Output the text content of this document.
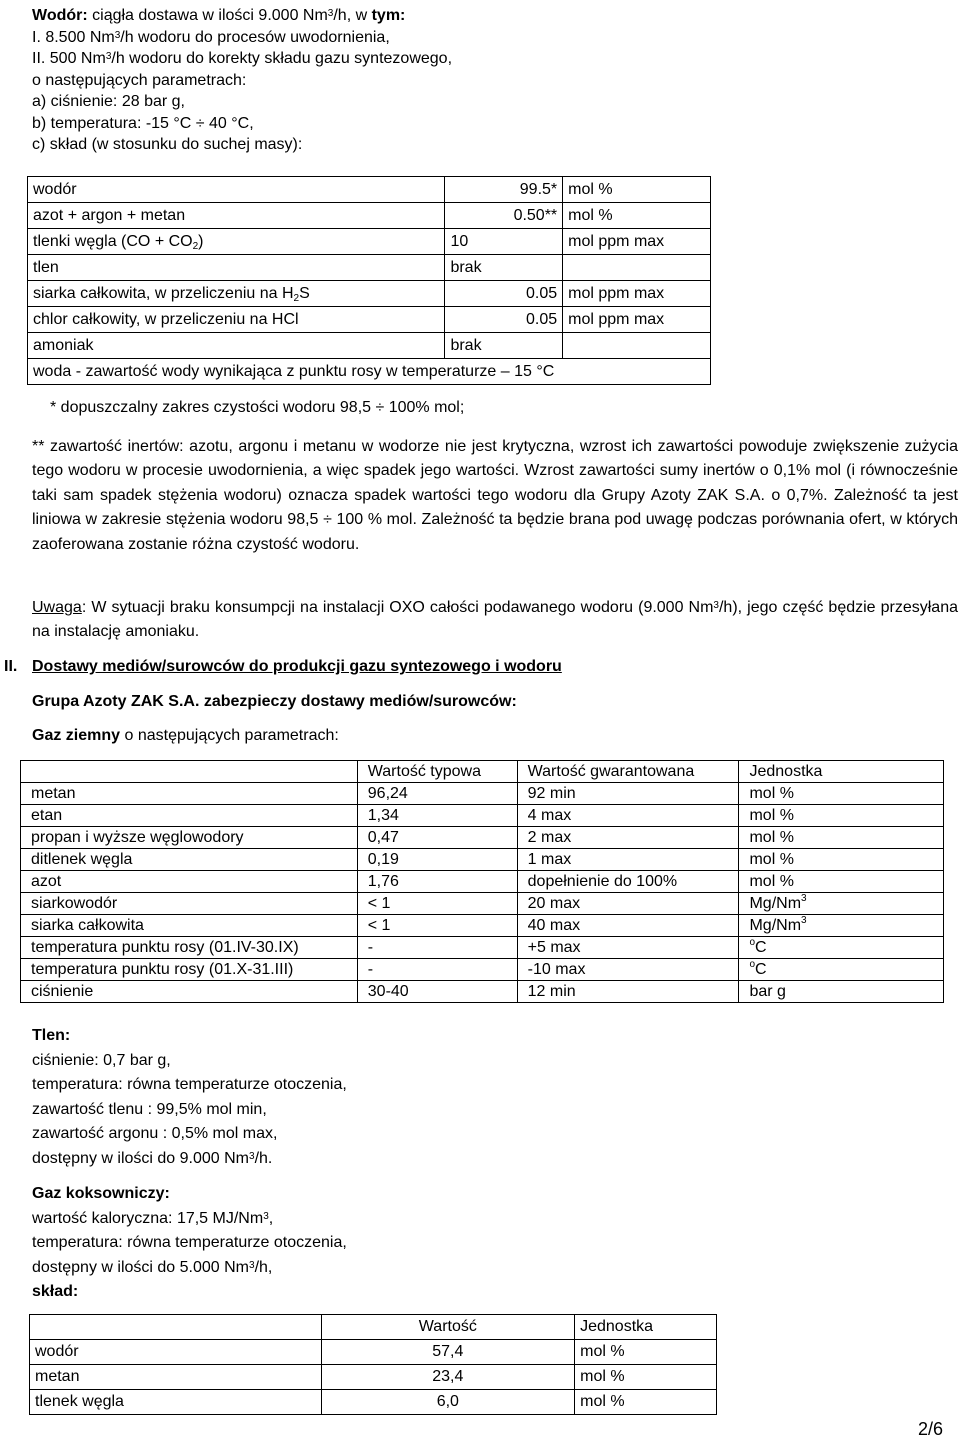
Wodór: ciągła dostawa w ilości 9.000 Nm$^3$/h, w tym:
I. 8.500 Nm$^3$/h wodoru do procesów uwodornienia,
II. 500 Nm$^3$/h wodoru do korekty składu gazu syntezowego,
o następujących parametrach:
a) ciśnienie: 28 bar g,
b) temperatura: -15 °C ÷ 40 °C,
c) skład (w stosunku do suchej masy):
wodór	99.5*	mol %
azot + argon + metan	0.50**	mol %
tlenki węgla $(CO + CO_2)$	10	mol ppm max
tlen	brak	
siarka całkowita, w przeliczeniu na $H_2S$	0.05	mol ppm max
chlor całkowity, w przeliczeniu na HCl	0.05	mol ppm max
amoniak	brak	
woda - zawartość wody wynikająca z punktu rosy w temperaturze – 15 °C		
* dopuszczalny zakres czystości wodoru 98,5 ÷ 100% mol;
** zawartość inertów: azotu, argonu i metanu w wodorze nie jest krytyczna, wzrost ich zawartości powoduje zwiększenie zużycia tego wodoru w procesie uwodornienia, a więc spadek jego wartości. Wzrost zawartości sumy inertów o 0,1% mol (i równocześnie taki sam spadek stężenia wodoru) oznacza spadek wartości tego wodoru dla Grupy Azoty ZAK S.A. o 0,7%. Zależność ta jest liniowa w zakresie stężenia wodoru 98,5 ÷ 100 % mol. Zależność ta będzie brana pod uwagę podczas porównania ofert, w których zaoferowana zostanie różna czystość wodoru.
Uwaga: W sytuacji braku konsumpcji na instalacji OXO całości podawanego wodoru (9.000 Nm$^3$/h), jego część będzie przesyłana na instalację amoniaku.
II. Dostawy mediów/surowców do produkcji gazu syntezowego i wodoru
Grupa Azoty ZAK S.A. zabezpieczy dostawy mediów/surowców:
Gaz ziemny o następujących parametrach:
	Wartość typowa	Wartość gwarantowana	Jednostka
metan	96,24	92 min	mol %
etan	1,34	4 max	mol %
propan i wyższe węglowodory	0,47	2 max	mol %
ditlenek węgla	0,19	1 max	mol %
azot	1,76	dopełnienie do 100%	mol %
siarkowodór	< 1	20 max	Mg/Nm$^3$
siarka całkowita	< 1	40 max	Mg/Nm$^3$
temperatura punktu rosy (01.IV-30.IX)	-	+5 max	$^o$C
temperatura punktu rosy (01.X-31.III)	-	-10 max	$^o$C
ciśnienie	30-40	12 min	bar g
Tlen:
ciśnienie: 0,7 bar g,
temperatura: równa temperaturze otoczenia,
zawartość tlenu : 99,5% mol min,
zawartość argonu : 0,5% mol max,
dostępny w ilości do 9.000 Nm$^3$/h.
Gaz koksowniczy:
wartość kaloryczna: 17,5 MJ/Nm$^3$,
temperatura: równa temperaturze otoczenia,
dostępny w ilości do 5.000 Nm$^3$/h,
skład:
	Wartość	Jednostka
wodór	57,4	mol %
metan	23,4	mol %
tlenek węgla	6,0	mol %
2/6
